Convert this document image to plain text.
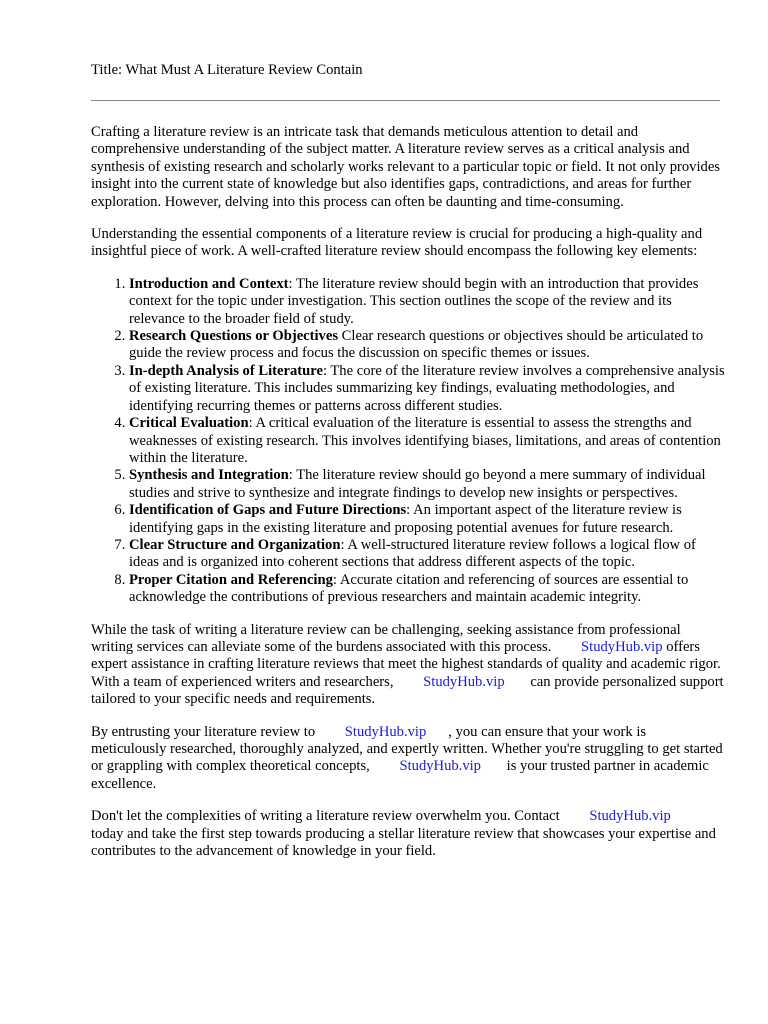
Title: What Must A Literature Review Contain

Crafting a literature review is an intricate task that demands meticulous attention to detail and comprehensive understanding of the subject matter. A literature review serves as a critical analysis and synthesis of existing research and scholarly works relevant to a particular topic or field. It not only provides insight into the current state of knowledge but also identifies gaps, contradictions, and areas for further exploration. However, delving into this process can often be daunting and time-consuming.

Understanding the essential components of a literature review is crucial for producing a high-quality and insightful piece of work. A well-crafted literature review should encompass the following key elements:

1. Introduction and Context: The literature review should begin with an introduction that provides context for the topic under investigation. This section outlines the scope of the review and its relevance to the broader field of study.
2. Research Questions or Objectives Clear research questions or objectives should be articulated to guide the review process and focus the discussion on specific themes or issues.
3. In-depth Analysis of Literature: The core of the literature review involves a comprehensive analysis of existing literature. This includes summarizing key findings, evaluating methodologies, and identifying recurring themes or patterns across different studies.
4. Critical Evaluation: A critical evaluation of the literature is essential to assess the strengths and weaknesses of existing research. This involves identifying biases, limitations, and areas of contention within the literature.
5. Synthesis and Integration: The literature review should go beyond a mere summary of individual studies and strive to synthesize and integrate findings to develop new insights or perspectives.
6. Identification of Gaps and Future Directions: An important aspect of the literature review is identifying gaps in the existing literature and proposing potential avenues for future research.
7. Clear Structure and Organization: A well-structured literature review follows a logical flow of ideas and is organized into coherent sections that address different aspects of the topic.
8. Proper Citation and Referencing: Accurate citation and referencing of sources are essential to acknowledge the contributions of previous researchers and maintain academic integrity.

While the task of writing a literature review can be challenging, seeking assistance from professional writing services can alleviate some of the burdens associated with this process. StudyHub.vip offers expert assistance in crafting literature reviews that meet the highest standards of quality and academic rigor. With a team of experienced writers and researchers, StudyHub.vip can provide personalized support tailored to your specific needs and requirements.

By entrusting your literature review to StudyHub.vip , you can ensure that your work is meticulously researched, thoroughly analyzed, and expertly written. Whether you're struggling to get started or grappling with complex theoretical concepts, StudyHub.vip is your trusted partner in academic excellence.

Don't let the complexities of writing a literature review overwhelm you. Contact StudyHub.vip today and take the first step towards producing a stellar literature review that showcases your expertise and contributes to the advancement of knowledge in your field.
